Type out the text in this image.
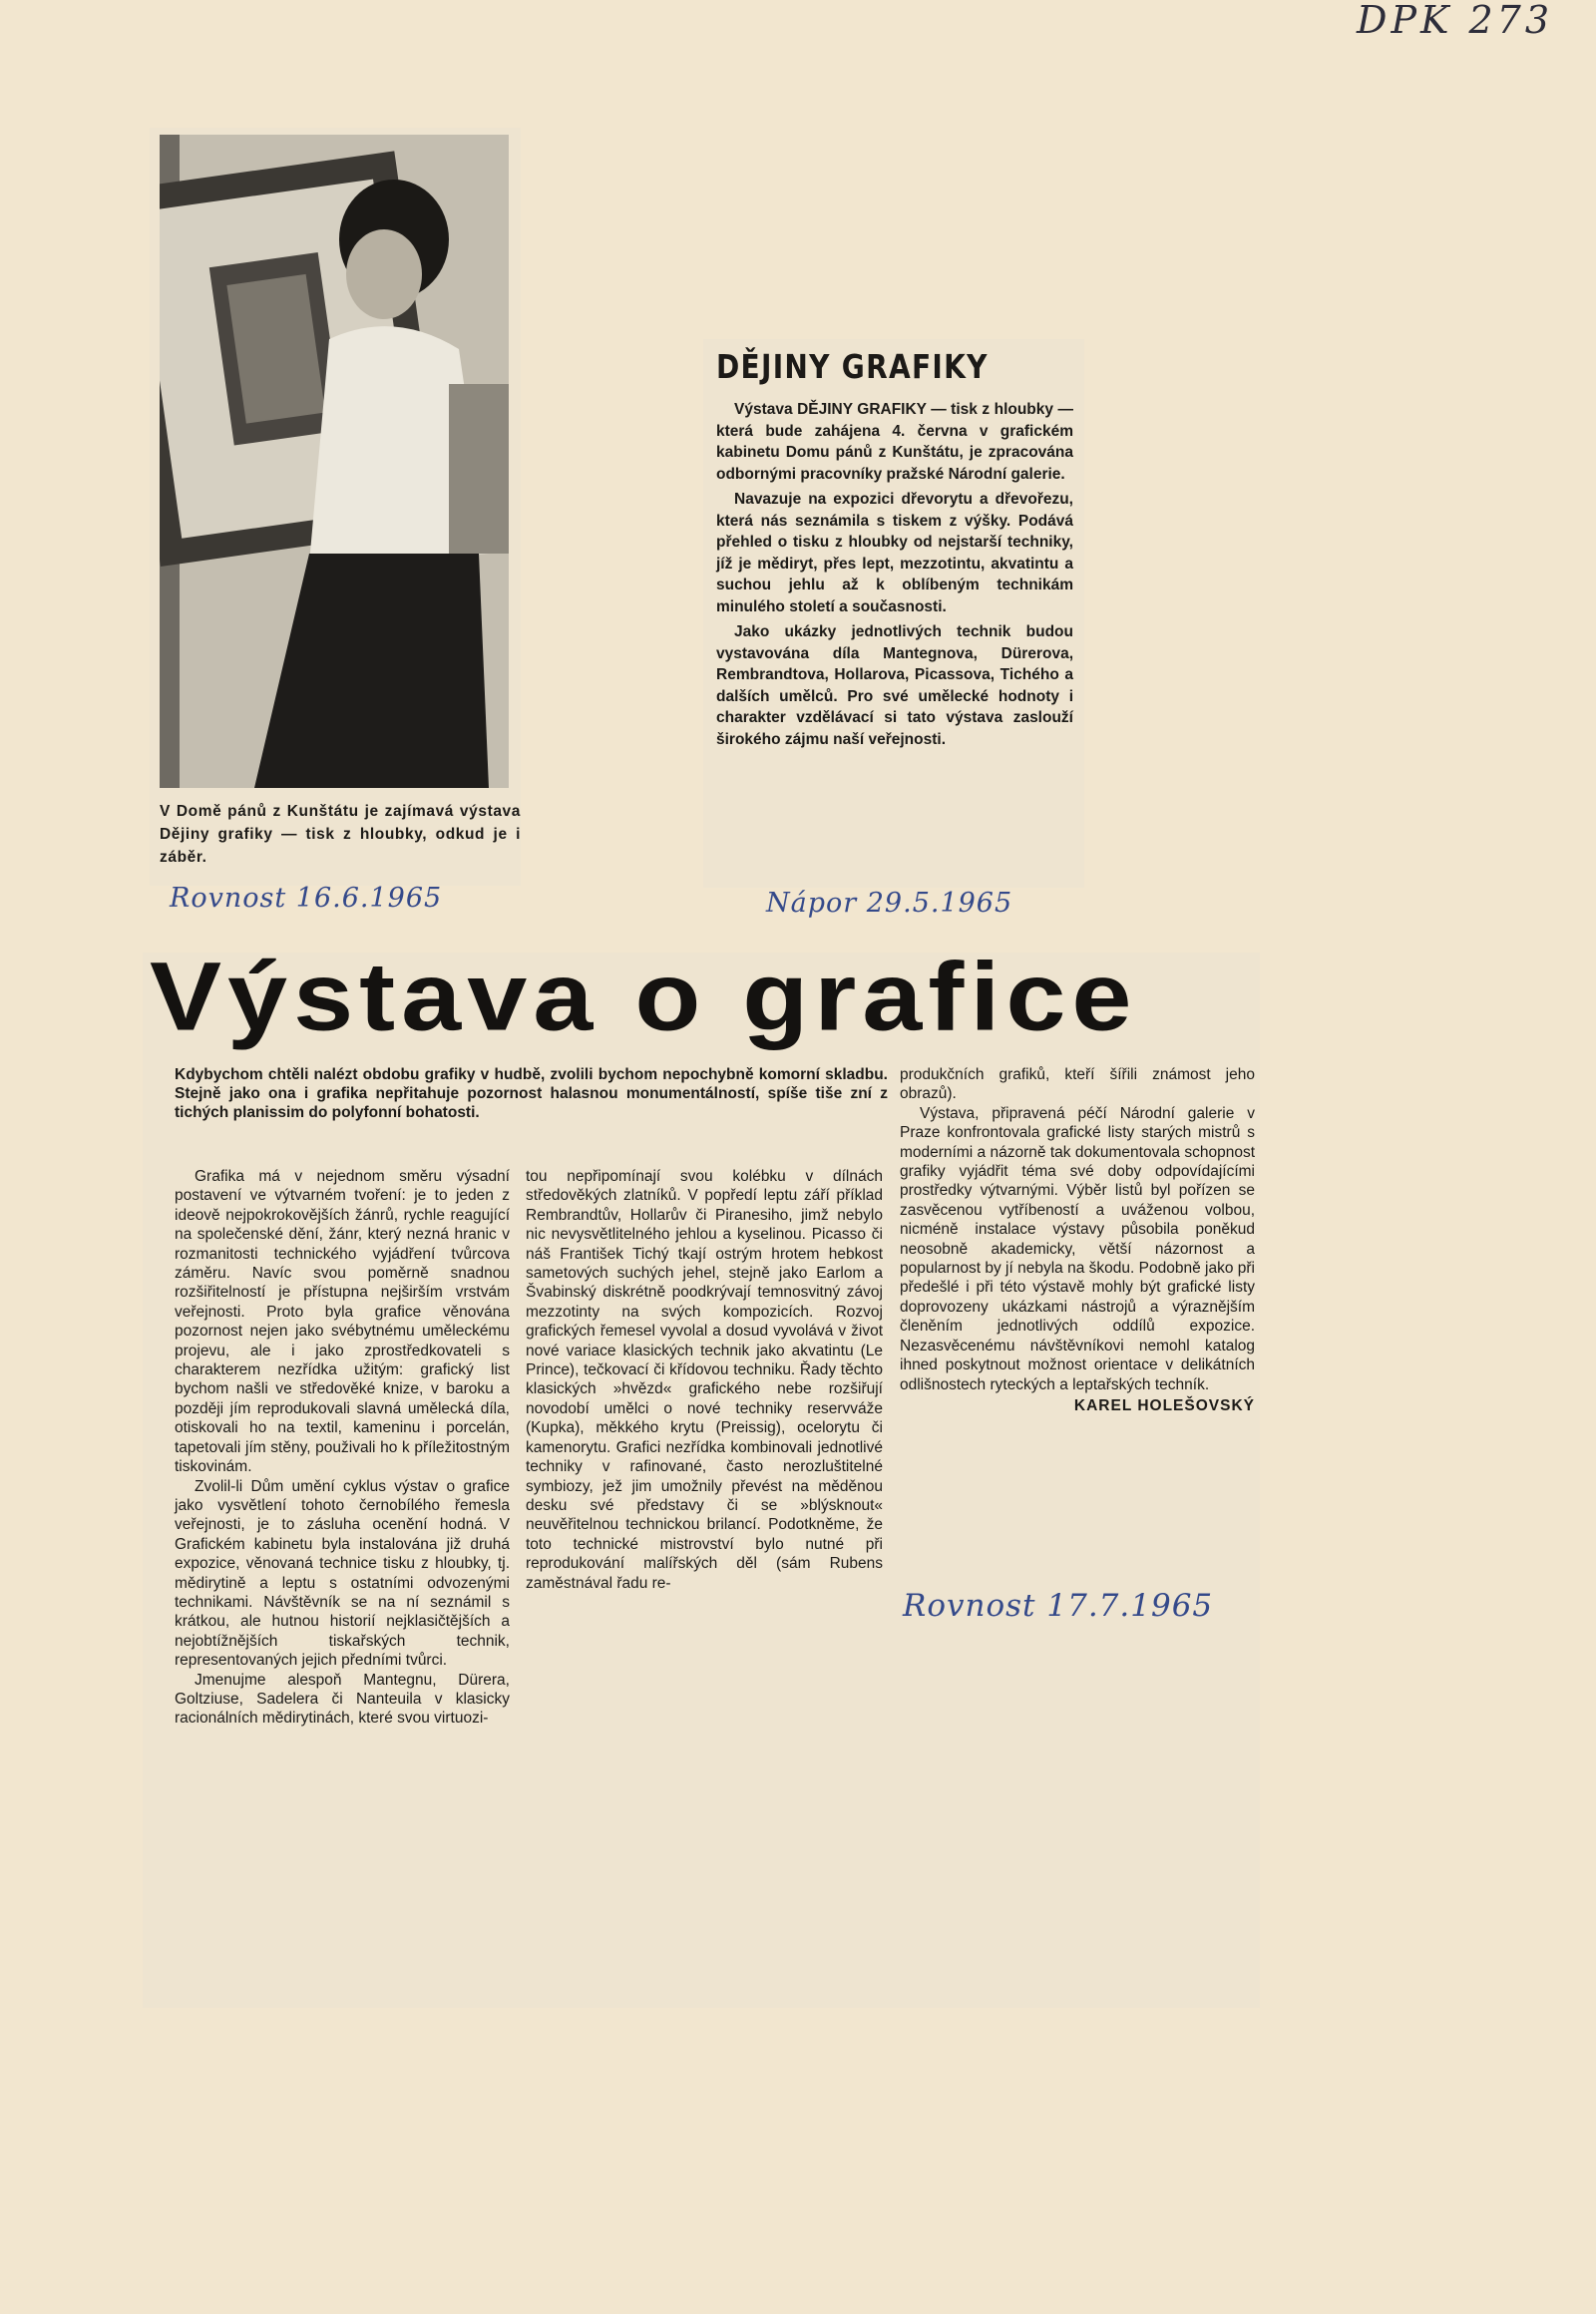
DPK 273
V Domě pánů z Kunštátu je zajímavá výstava Dějiny grafiky — tisk z hloubky, odkud je i záběr.
Rovnost 16.6.1965
DĚJINY GRAFIKY

Výstava DĚJINY GRAFIKY — tisk z hloubky — která bude zahájena 4. června v grafickém kabinetu Domu pánů z Kunštátu, je zpracována odbornými pracovníky pražské Národní galerie.

Navazuje na expozici dřevorytu a dřevořezu, která nás seznámila s tiskem z výšky. Podává přehled o tisku z hloubky od nejstarší techniky, jíž je mědiryt, přes lept, mezzotintu, akvatintu a suchou jehlu až k oblíbeným technikám minulého století a současnosti.

Jako ukázky jednotlivých technik budou vystavována díla Mantegnova, Dürerova, Rembrandtova, Hollarova, Picassova, Tichého a dalších umělců. Pro své umělecké hodnoty i charakter vzdělávací si tato výstava zaslouží širokého zájmu naší veřejnosti.

Nápor 29.5.1965
Výstava o grafice
Kdybychom chtěli nalézt obdobu grafiky v hudbě, zvolili bychom nepochybně komorní skladbu. Stejně jako ona i grafika nepřitahuje pozornost halasnou monumentálností, spíše tiše zní z tichých planissim do polyfonní bohatosti.

Grafika má v nejednom směru výsadní postavení ve výtvarném tvoření: je to jeden z ideově nejpokrokovějších žánrů, rychle reagující na společenské dění, žánr, který nezná hranic v rozmanitosti technického vyjádření tvůrcova záměru. Navíc svou poměrně snadnou rozšiřitelností je přístupna nejširším vrstvám veřejnosti. Proto byla grafice věnována pozornost nejen jako svébytnému uměleckému projevu, ale i jako zprostředkovateli s charakterem nezřídka užitým: grafický list bychom našli ve středověké knize, v baroku a později jím reprodukovali slavná umělecká díla, otiskovali ho na textil, kameninu i porcelán, tapetovali jím stěny, použivali ho k příležitostným tiskovinám.

Zvolil-li Dům umění cyklus výstav o grafice jako vysvětlení tohoto černobílého řemesla veřejnosti, je to zásluha ocenění hodná. V Grafickém kabinetu byla instalována již druhá expozice, věnovaná technice tisku z hloubky, tj. mědirytině a leptu s ostatními odvozenými technikami. Návštěvník se na ní seznámil s krátkou, ale hutnou historií nejklasičtějších a nejobtížnějších tiskařských technik, representovaných jejich předními tvůrci.

Jmenujme alespoň Mantegnu, Dürera, Goltziuse, Sadelera či Nanteuila v klasicky racionálních mědirytinách, které svou virtuozi-

tou nepřipomínají svou kolébku v dílnách středověkých zlatníků. V popředí leptu září příklad Rembrandtův, Hollarův či Piranesiho, jimž nebylo nic nevysvětlitelného jehlou a kyselinou. Picasso či náš František Tichý tkají ostrým hrotem hebkost sametových suchých jehel, stejně jako Earlom a Švabinský diskrétně poodkrývají temnosvitný závoj mezzotinty na svých kompozicích. Rozvoj grafických řemesel vyvolal a dosud vyvolává v život nové variace klasických technik jako akvatintu (Le Prince), tečkovací či křídovou techniku. Řady těchto klasických »hvězd« grafického nebe rozšiřují novodobí umělci o nové techniky reservváže (Kupka), měkkého krytu (Preissig), ocelorytu či kamenorytu. Grafici nezřídka kombinovali jednotlivé techniky v rafinované, často nerozluštitelné symbiozy, jež jim umožnily převést na měděnou desku své představy či se »blýsknout« neuvěřitelnou technickou brilancí. Podotkněme, že toto technické mistrovství bylo nutné při reprodukování malířských děl (sám Rubens zaměstnával řadu re-

produkčních grafiků, kteří šířili známost jeho obrazů).

Výstava, připravená péčí Národní galerie v Praze konfrontovala grafické listy starých mistrů s moderními a názorně tak dokumentovala schopnost grafiky vyjádřit téma své doby odpovídajícími prostředky výtvarnými. Výběr listů byl pořízen se zasvěcenou vytříbeností a uváženou volbou, nicméně instalace výstavy působila poněkud neosobně akademicky, větší názornost a popularnost by jí nebyla na škodu. Podobně jako při předešlé i při této výstavě mohly být grafické listy doprovozeny ukázkami nástrojů a výraznějším členěním jednotlivých oddílů expozice. Nezasvěcenému návštěvníkovi nemohl katalog ihned poskytnout možnost orientace v delikátních odlišnostech ryteckých a leptařských techník.

KAREL HOLEŠOVSKÝ

Rovnost 17.7.1965
